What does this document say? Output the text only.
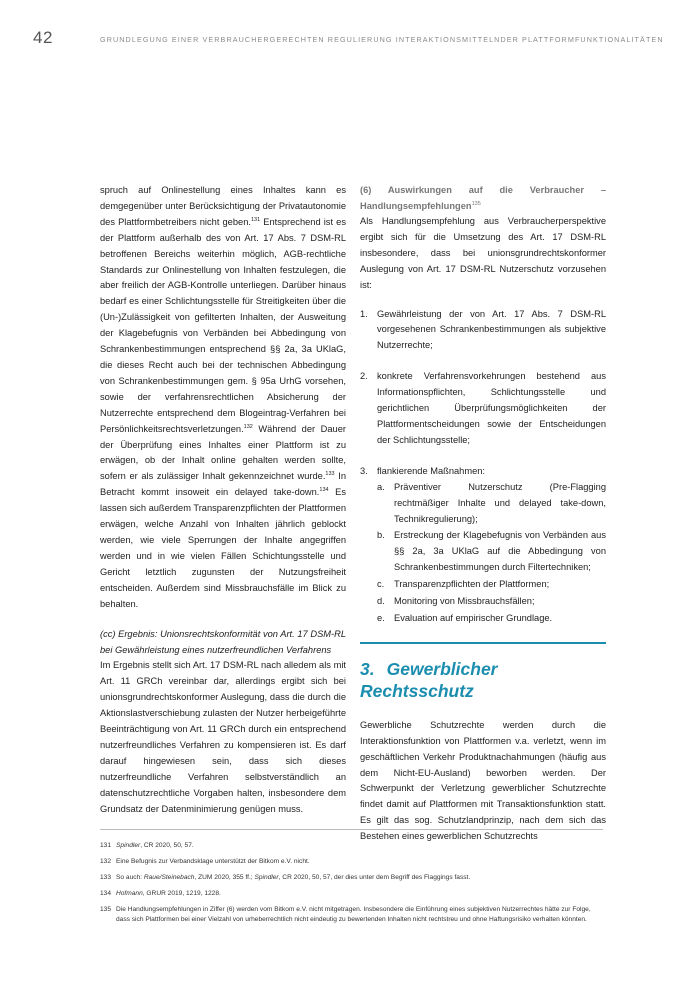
42	GRUNDLEGUNG EINER VERBRAUCHERGERECHTEN REGULIERUNG INTERAKTIONSMITTELNDER PLATTFORMFUNKTIONALITÄTEN

spruch auf Onlinestellung eines Inhaltes kann es demgegenüber unter Berücksichtigung der Privatautonomie des Plattformbetreibers nicht geben.$^{131}$ Entsprechend ist es der Plattform außerhalb des von Art. 17 Abs. 7 DSM-RL betroffenen Bereichs weiterhin möglich, AGB-rechtliche Standards zur Onlinestellung von Inhalten festzulegen, die aber freilich der AGB-Kontrolle unterliegen. Darüber hinaus bedarf es einer Schlichtungsstelle für Streitigkeiten über die (Un-)Zulässigkeit von gefilterten Inhalten, der Ausweitung der Klagebefugnis von Verbänden bei Abbedingung von Schrankenbestimmungen entsprechend §§ 2a, 3a UKlaG, die dieses Recht auch bei der technischen Abbedingung von Schrankenbestimmungen gem. § 95a UrhG vorsehen, sowie der verfahrensrechtlichen Absicherung der Nutzerrechte entsprechend dem Blogeintrag-Verfahren bei Persönlichkeitsrechtsverletzungen.$^{132}$ Während der Dauer der Überprüfung eines Inhaltes einer Plattform ist zu erwägen, ob der Inhalt online gehalten werden sollte, sofern er als zulässiger Inhalt gekennzeichnet wurde.$^{133}$ In Betracht kommt insoweit ein delayed take-down.$^{134}$ Es lassen sich außerdem Transparenzpflichten der Plattformen erwägen, welche Anzahl von Inhalten jährlich geblockt werden, wie viele Sperrungen der Inhalte angegriffen werden und in wie vielen Fällen Schichtungsstelle und Gericht letztlich zugunsten der Nutzungsfreiheit entscheiden. Außerdem sind Missbrauchsfälle im Blick zu behalten.

(cc) Ergebnis: Unionsrechtskonformität von Art. 17 DSM-RL bei Gewährleistung eines nutzerfreundlichen Verfahrens

Im Ergebnis stellt sich Art. 17 DSM-RL nach alledem als mit Art. 11 GRCh vereinbar dar, allerdings ergibt sich bei unionsgrundrechtskonformer Auslegung, dass die durch die Aktionslastverschiebung zulasten der Nutzer herbeigeführte Beeinträchtigung von Art. 11 GRCh durch ein entsprechend nutzerfreundliches Verfahren zu kompensieren ist. Es darf darauf hingewiesen sein, dass sich dieses nutzerfreundliche Verfahren selbstverständlich an datenschutzrechtliche Vorgaben halten, insbesondere dem Grundsatz der Datenminimierung genügen muss.

(6) Auswirkungen auf die Verbraucher – Handlungsempfehlungen$^{135}$

Als Handlungsempfehlung aus Verbraucherperspektive ergibt sich für die Umsetzung des Art. 17 DSM-RL insbesondere, dass bei unionsgrundrechtskonformer Auslegung von Art. 17 DSM-RL Nutzerschutz vorzusehen ist:

1. Gewährleistung der von Art. 17 Abs. 7 DSM-RL vorgesehenen Schrankenbestimmungen als subjektive Nutzerrechte;
2. konkrete Verfahrensvorkehrungen bestehend aus Informationspflichten, Schlichtungsstelle und gerichtlichen Überprüfungsmöglichkeiten der Plattformentscheidungen sowie der Entscheidungen der Schlichtungsstelle;
3. flankierende Maßnahmen:
a. Präventiver Nutzerschutz (Pre-Flagging rechtmäßiger Inhalte und delayed take-down, Technikregulierung);
b. Erstreckung der Klagebefugnis von Verbänden aus §§ 2a, 3a UKlaG auf die Abbedingung von Schrankenbestimmungen durch Filtertechniken;
c. Transparenzpflichten der Plattformen;
d. Monitoring von Missbrauchsfällen;
e. Evaluation auf empirischer Grundlage.
3. Gewerblicher Rechtsschutz

Gewerbliche Schutzrechte werden durch die Interaktionsfunktion von Plattformen v.a. verletzt, wenn im geschäftlichen Verkehr Produktnachahmungen (häufig aus dem Nicht-EU-Ausland) beworben werden. Der Schwerpunkt der Verletzung gewerblicher Schutzrechte findet damit auf Plattformen mit Transaktionsfunktion statt. Es gilt das sog. Schutzlandprinzip, nach dem sich das Bestehen eines gewerblichen Schutzrechts

131 Spindler, CR 2020, 50, 57.
132 Eine Befugnis zur Verbandsklage unterstützt der Bitkom e.V. nicht.
133 So auch: Raue/Steinebach, ZUM 2020, 355 ff.; Spindler, CR 2020, 50, 57, der dies unter dem Begriff des Flaggings fasst.
134 Hofmann, GRUR 2019, 1219, 1228.
135 Die Handlungsempfehlungen in Ziffer (6) werden vom Bitkom e.V. nicht mitgetragen. Insbesondere die Einführung eines subjektiven Nutzerrechtes hätte zur Folge, dass sich Plattformen bei einer Vielzahl von urheberrechtlich nicht eindeutig zu bewertenden Inhalten nicht rechtstreu und ohne Haftungsrisiko verhalten könnten.
